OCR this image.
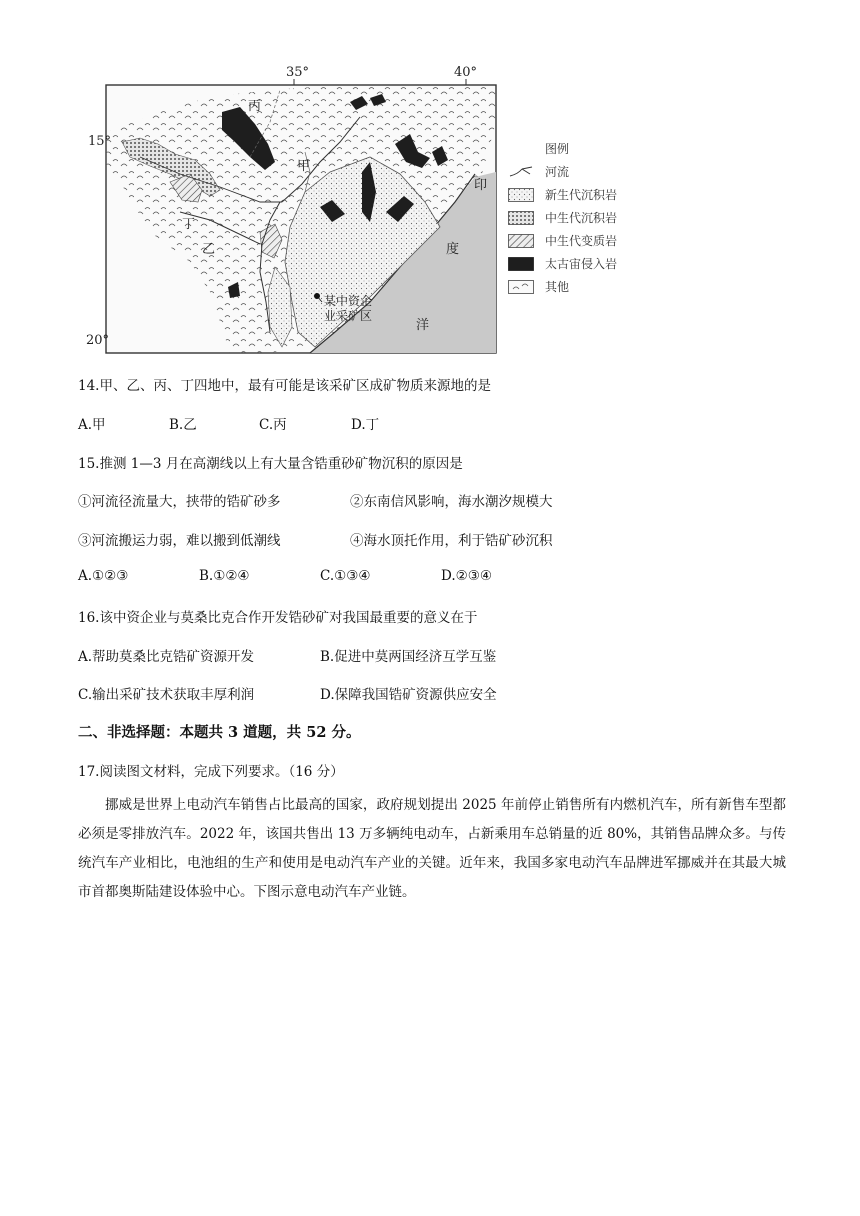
35°	40°
15°
20°
丙
甲
丁
乙
印
度
洋
某中资企
业采矿区
图例
河流
新生代沉积岩
中生代沉积岩
中生代变质岩
太古宙侵入岩
其他
14.甲、乙、丙、丁四地中，最有可能是该采矿区成矿物质来源地的是
A.甲	B.乙	C.丙	D.丁
15.推测 1—3 月在高潮线以上有大量含锆重砂矿物沉积的原因是
①河流径流量大，挟带的锆矿砂多	②东南信风影响，海水潮汐规模大
③河流搬运力弱，难以搬到低潮线	④海水顶托作用，利于锆矿砂沉积
A.①②③	B.①②④	C.①③④	D.②③④
16.该中资企业与莫桑比克合作开发锆砂矿对我国最重要的意义在于
A.帮助莫桑比克锆矿资源开发	B.促进中莫两国经济互学互鉴
C.输出采矿技术获取丰厚利润	D.保障我国锆矿资源供应安全
二、非选择题：本题共 3 道题，共 52 分。
17.阅读图文材料，完成下列要求。（16 分）
挪威是世界上电动汽车销售占比最高的国家，政府规划提出 2025 年前停止销售所有内燃机汽车，所有新售车型都必须是零排放汽车。2022 年，该国共售出 13 万多辆纯电动车，占新乘用车总销量的近 80%，其销售品牌众多。与传统汽车产业相比，电池组的生产和使用是电动汽车产业的关键。近年来，我国多家电动汽车品牌进军挪威并在其最大城市首都奥斯陆建设体验中心。下图示意电动汽车产业链。
